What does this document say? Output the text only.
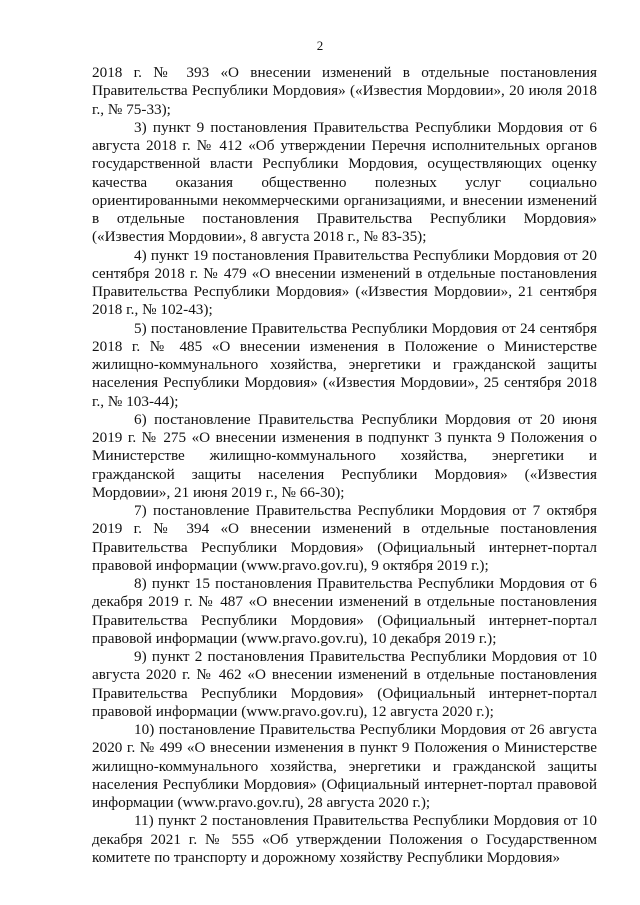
2

2018 г. № 393 «О внесении изменений в отдельные постановления Правительства Республики Мордовия» («Известия Мордовии», 20 июля 2018 г., № 75-33);

3) пункт 9 постановления Правительства Республики Мордовия от 6 августа 2018 г. № 412 «Об утверждении Перечня исполнительных органов государственной власти Республики Мордовия, осуществляющих оценку качества оказания общественно полезных услуг социально ориентированными некоммерческими организациями, и внесении изменений в отдельные постановления Правительства Республики Мордовия» («Известия Мордовии», 8 августа 2018 г., № 83-35);

4) пункт 19 постановления Правительства Республики Мордовия от 20 сентября 2018 г. № 479 «О внесении изменений в отдельные постановления Правительства Республики Мордовия» («Известия Мордовии», 21 сентября 2018 г., № 102-43);

5) постановление Правительства Республики Мордовия от 24 сентября 2018 г. № 485 «О внесении изменения в Положение о Министерстве жилищно-коммунального хозяйства, энергетики и гражданской защиты населения Республики Мордовия» («Известия Мордовии», 25 сентября 2018 г., № 103-44);

6) постановление Правительства Республики Мордовия от 20 июня 2019 г. № 275 «О внесении изменения в подпункт 3 пункта 9 Положения о Министерстве жилищно-коммунального хозяйства, энергетики и гражданской защиты населения Республики Мордовия» («Известия Мордовии», 21 июня 2019 г., № 66-30);

7) постановление Правительства Республики Мордовия от 7 октября 2019 г. № 394 «О внесении изменений в отдельные постановления Правительства Республики Мордовия» (Официальный интернет-портал правовой информации (www.pravo.gov.ru), 9 октября 2019 г.);

8) пункт 15 постановления Правительства Республики Мордовия от 6 декабря 2019 г. № 487 «О внесении изменений в отдельные постановления Правительства Республики Мордовия» (Официальный интернет-портал правовой информации (www.pravo.gov.ru), 10 декабря 2019 г.);

9) пункт 2 постановления Правительства Республики Мордовия от 10 августа 2020 г. № 462 «О внесении изменений в отдельные постановления Правительства Республики Мордовия» (Официальный интернет-портал правовой информации (www.pravo.gov.ru), 12 августа 2020 г.);

10) постановление Правительства Республики Мордовия от 26 августа 2020 г. № 499 «О внесении изменения в пункт 9 Положения о Министерстве жилищно-коммунального хозяйства, энергетики и гражданской защиты населения Республики Мордовия» (Официальный интернет-портал правовой информации (www.pravo.gov.ru), 28 августа 2020 г.);

11) пункт 2 постановления Правительства Республики Мордовия от 10 декабря 2021 г. № 555 «Об утверждении Положения о Государственном комитете по транспорту и дорожному хозяйству Республики Мордовия»
